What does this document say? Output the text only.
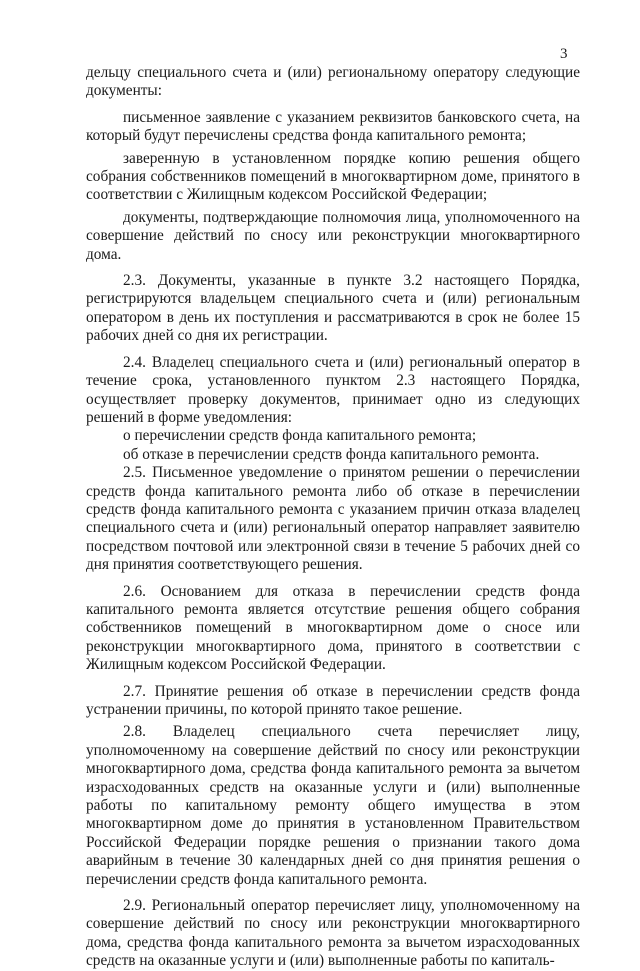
3

дельцу специального счета и (или) региональному оператору следующие документы:

письменное заявление с указанием реквизитов банковского счета, на который будут перечислены средства фонда капитального ремонта;

заверенную в установленном порядке копию решения общего собрания собственников помещений в многоквартирном доме, принятого в соответствии с Жилищным кодексом Российской Федерации;

документы, подтверждающие полномочия лица, уполномоченного на совершение действий по сносу или реконструкции многоквартирного дома.

2.3. Документы, указанные в пункте 3.2 настоящего Порядка, регистрируются владельцем специального счета и (или) региональным оператором в день их поступления и рассматриваются в срок не более 15 рабочих дней со дня их регистрации.

2.4. Владелец специального счета и (или) региональный оператор в течение срока, установленного пунктом 2.3 настоящего Порядка, осуществляет проверку документов, принимает одно из следующих решений в форме уведомления:

о перечислении средств фонда капитального ремонта;

об отказе в перечислении средств фонда капитального ремонта.

2.5. Письменное уведомление о принятом решении о перечислении средств фонда капитального ремонта либо об отказе в перечислении средств фонда капитального ремонта с указанием причин отказа владелец специального счета и (или) региональный оператор направляет заявителю посредством почтовой или электронной связи в течение 5 рабочих дней со дня принятия соответствующего решения.

2.6. Основанием для отказа в перечислении средств фонда капитального ремонта является отсутствие решения общего собрания собственников помещений в многоквартирном доме о сносе или реконструкции многоквартирного дома, принятого в соответствии с Жилищным кодексом Российской Федерации.

2.7. Принятие решения об отказе в перечислении средств фонда устранении причины, по которой принято такое решение.

2.8. Владелец специального счета перечисляет лицу, уполномоченному на совершение действий по сносу или реконструкции многоквартирного дома, средства фонда капитального ремонта за вычетом израсходованных средств на оказанные услуги и (или) выполненные работы по капитальному ремонту общего имущества в этом многоквартирном доме до принятия в установленном Правительством Российской Федерации порядке решения о признании такого дома аварийным в течение 30 календарных дней со дня принятия решения о перечислении средств фонда капитального ремонта.

2.9. Региональный оператор перечисляет лицу, уполномоченному на совершение действий по сносу или реконструкции многоквартирного дома, средства фонда капитального ремонта за вычетом израсходованных средств на оказанные услуги и (или) выполненные работы по капиталь-
